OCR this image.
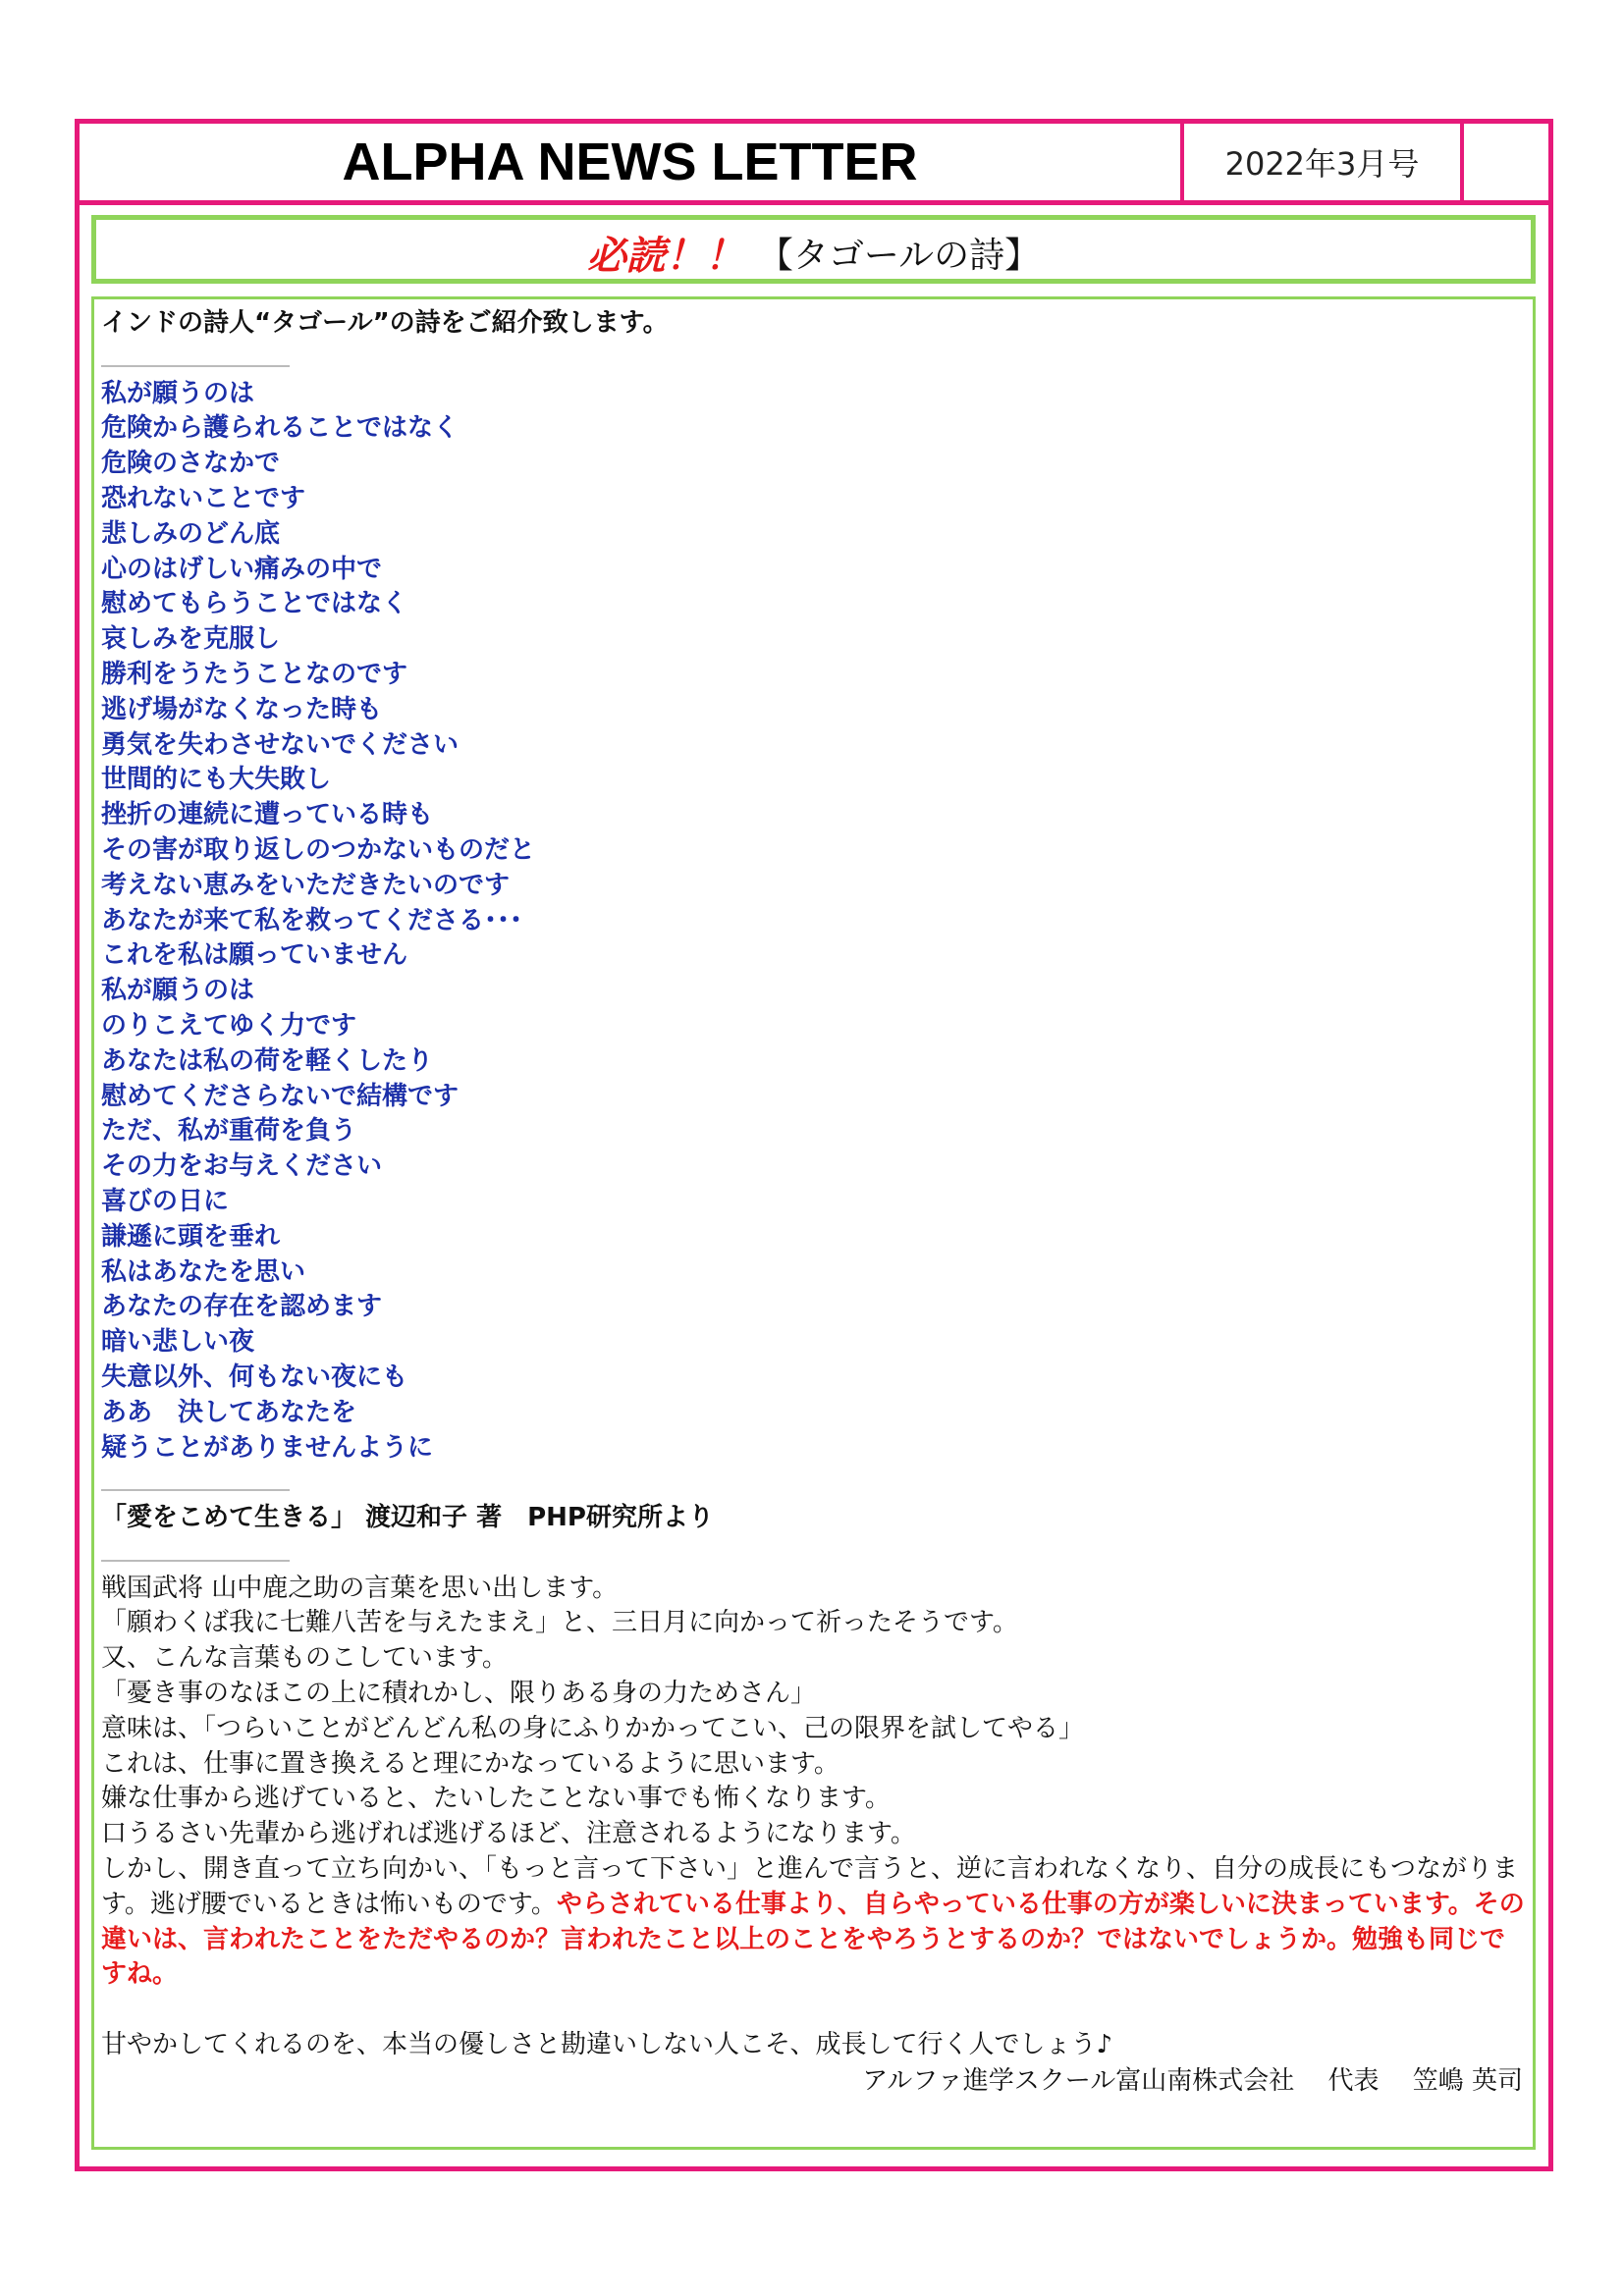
ALPHA NEWS LETTER	2022年3月号
必読！！ 【タゴールの詩】
インドの詩人“タゴール”の詩をご紹介致します。
私が願うのは
危険から護られることではなく
危険のさなかで
恐れないことです
悲しみのどん底
心のはげしい痛みの中で
慰めてもらうことではなく
哀しみを克服し
勝利をうたうことなのです
逃げ場がなくなった時も
勇気を失わさせないでください
世間的にも大失敗し
挫折の連続に遭っている時も
その害が取り返しのつかないものだと
考えない恵みをいただきたいのです
あなたが来て私を救ってくださる･･･
これを私は願っていません
私が願うのは
のりこえてゆく力です
あなたは私の荷を軽くしたり
慰めてくださらないで結構です
ただ、私が重荷を負う
その力をお与えください
喜びの日に
謙遜に頭を垂れ
私はあなたを思い
あなたの存在を認めます
暗い悲しい夜
失意以外、何もない夜にも
ああ　決してあなたを
疑うことがありませんように
「愛をこめて生きる」 渡辺和子 著　PHP研究所より
戦国武将 山中鹿之助の言葉を思い出します。
「願わくば我に七難八苦を与えたまえ」と、三日月に向かって祈ったそうです。
又、こんな言葉ものこしています。
「憂き事のなほこの上に積れかし、限りある身の力ためさん」
意味は、「つらいことがどんどん私の身にふりかかってこい、己の限界を試してやる」
これは、仕事に置き換えると理にかなっているように思います。
嫌な仕事から逃げていると、たいしたことない事でも怖くなります。
口うるさい先輩から逃げれば逃げるほど、注意されるようになります。
しかし、開き直って立ち向かい、「もっと言って下さい」と進んで言うと、逆に言われなくなり、自分の成長にもつながります。逃げ腰でいるときは怖いものです。やらされている仕事より、自らやっている仕事の方が楽しいに決まっています。その違いは、言われたことをただやるのか？言われたこと以上のことをやろうとするのか？ではないでしょうか。勉強も同じですね。
甘やかしてくれるのを、本当の優しさと勘違いしない人こそ、成長して行く人でしょう♪
アルファ進学スクール富山南株式会社　 代表　 笠嶋 英司
